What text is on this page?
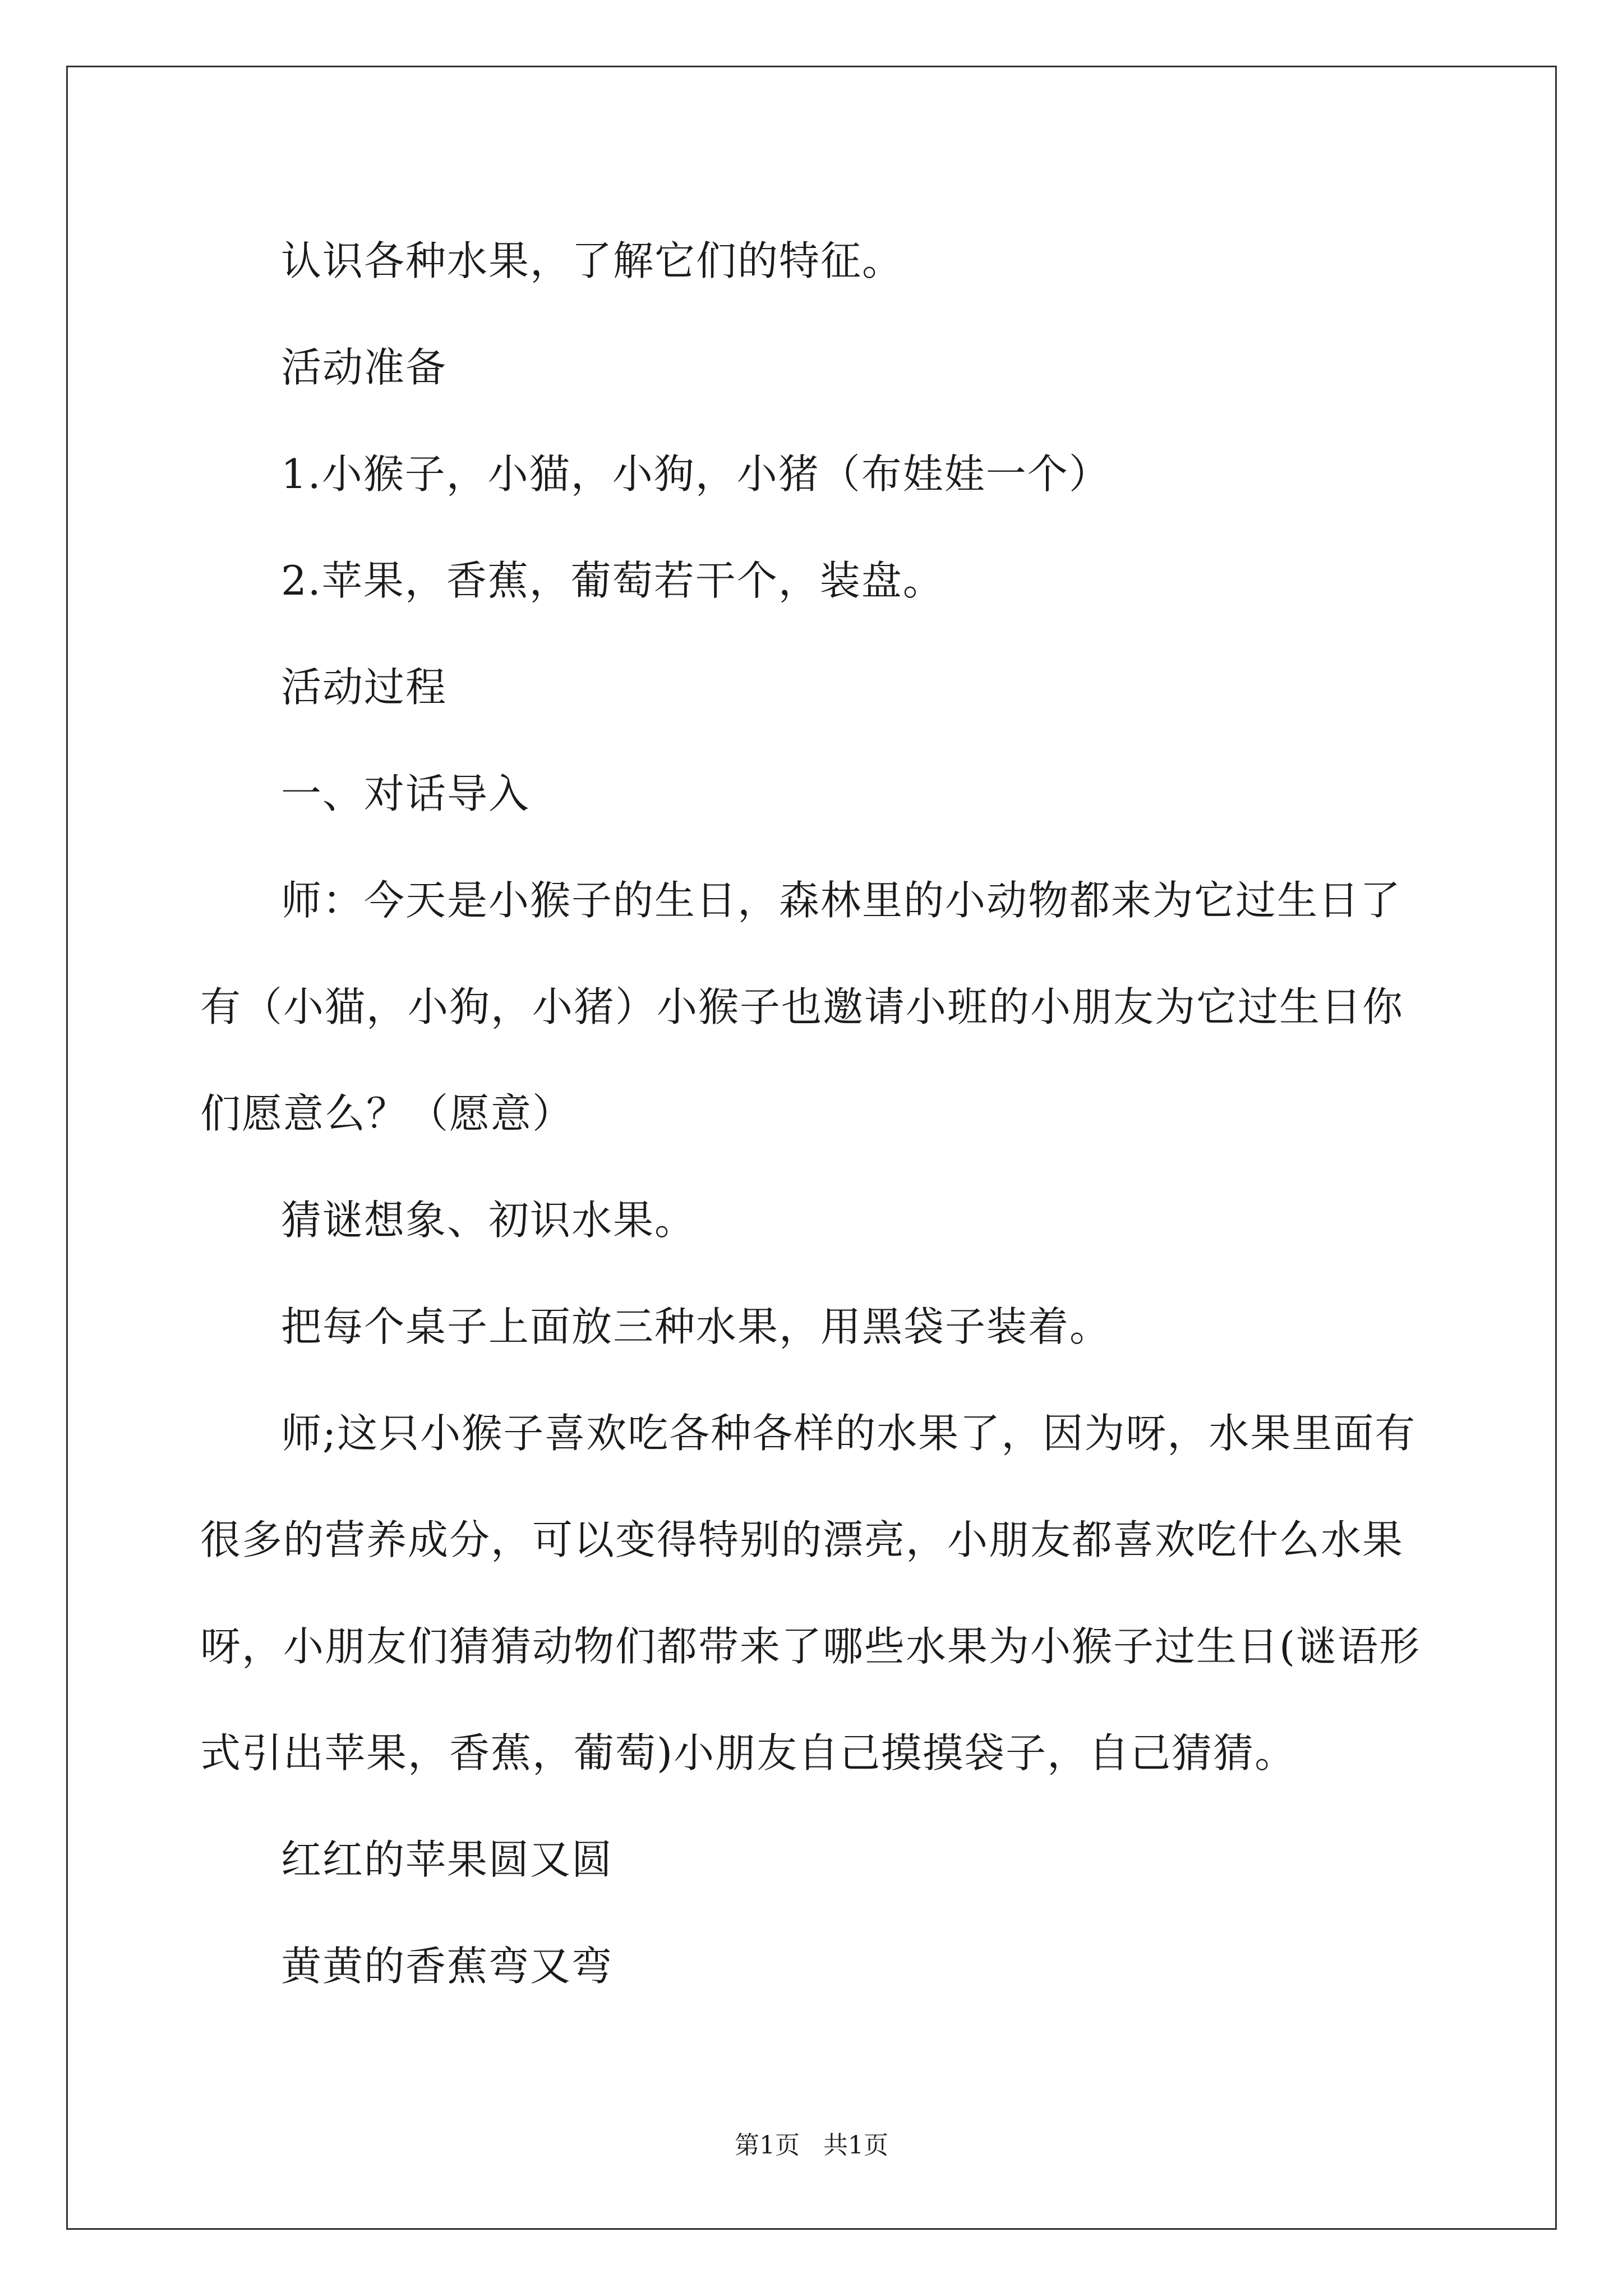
认识各种水果，了解它们的特征。

活动准备

1.小猴子，小猫，小狗，小猪（布娃娃一个）

2.苹果，香蕉，葡萄若干个，装盘。

活动过程

一、对话导入

师：今天是小猴子的生日，森林里的小动物都来为它过生日了有（小猫，小狗，小猪）小猴子也邀请小班的小朋友为它过生日你们愿意么？（愿意）

猜谜想象、初识水果。

把每个桌子上面放三种水果，用黑袋子装着。

师;这只小猴子喜欢吃各种各样的水果了，因为呀，水果里面有很多的营养成分，可以变得特别的漂亮，小朋友都喜欢吃什么水果呀，小朋友们猜猜动物们都带来了哪些水果为小猴子过生日(谜语形式引出苹果，香蕉，葡萄)小朋友自己摸摸袋子，自己猜猜。

红红的苹果圆又圆

黄黄的香蕉弯又弯

第1页 共1页
